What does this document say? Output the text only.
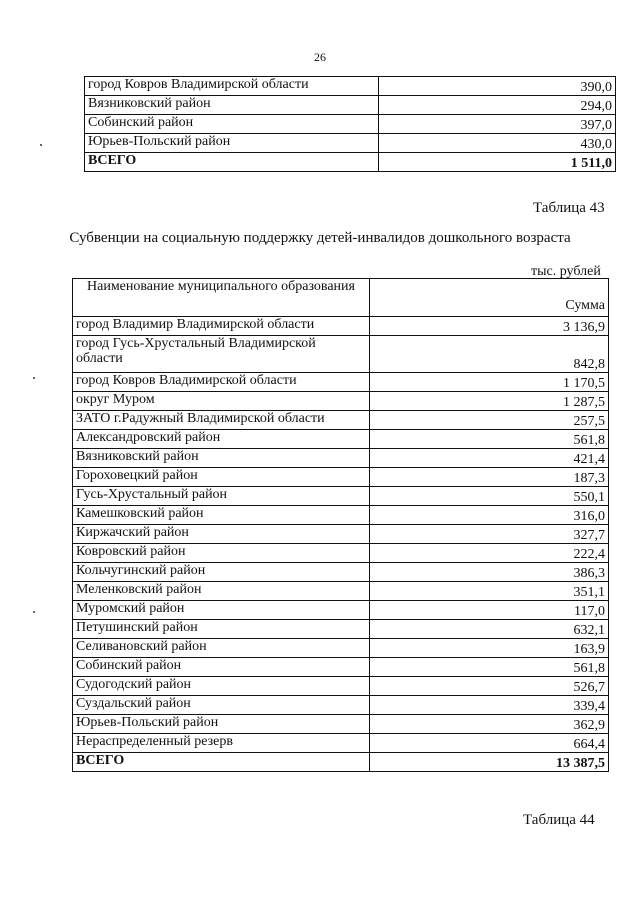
26
город Ковров Владимирской области	390,0
Вязниковский район	294,0
Собинский район	397,0
Юрьев-Польский район	430,0
ВСЕГО	1 511,0
Таблица 43
Субвенции на социальную поддержку детей-инвалидов дошкольного возраста
тыс. рублей
Наименование муниципального образования	Сумма
город Владимир Владимирской области	3 136,9
город Гусь-Хрустальный Владимирской области	842,8
город Ковров Владимирской области	1 170,5
округ Муром	1 287,5
ЗАТО г.Радужный Владимирской области	257,5
Александровский район	561,8
Вязниковский район	421,4
Гороховецкий район	187,3
Гусь-Хрустальный район	550,1
Камешковский район	316,0
Киржачский район	327,7
Ковровский район	222,4
Кольчугинский район	386,3
Меленковский район	351,1
Муромский район	117,0
Петушинский район	632,1
Селивановский район	163,9
Собинский район	561,8
Судогодский район	526,7
Суздальский район	339,4
Юрьев-Польский район	362,9
Нераспределенный резерв	664,4
ВСЕГО	13 387,5
Таблица 44
